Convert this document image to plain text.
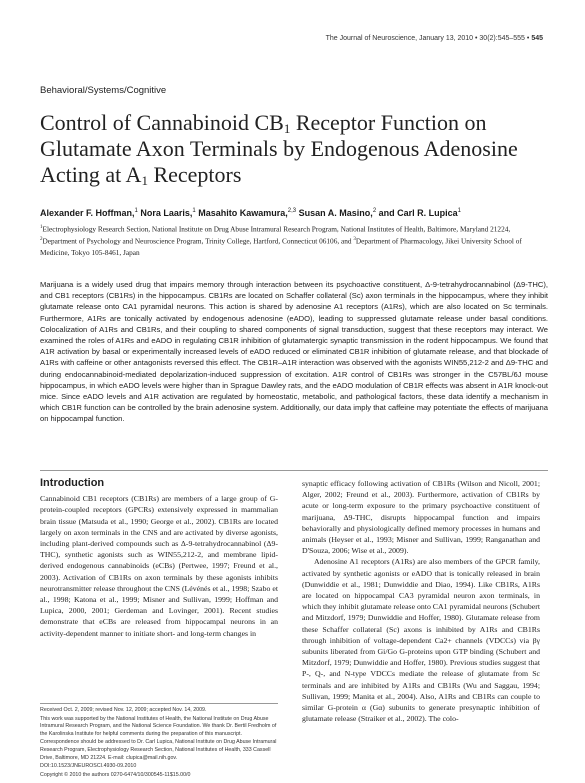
The Journal of Neuroscience, January 13, 2010 • 30(2):545–555 • 545
Behavioral/Systems/Cognitive
Control of Cannabinoid $CB_1$ Receptor Function on
Glutamate Axon Terminals by Endogenous Adenosine
Acting at $A_1$ Receptors
Alexander F. Hoffman,$^1$ Nora Laaris,$^1$ Masahito Kawamura,$^{2,3}$ Susan A. Masino,$^2$ and Carl R. Lupica$^1$
$^1$Electrophysiology Research Section, National Institute on Drug Abuse Intramural Research Program, National Institutes of Health, Baltimore, Maryland 21224, $^2$Department of Psychology and Neuroscience Program, Trinity College, Hartford, Connecticut 06106, and $^3$Department of Pharmacology, Jikei University School of Medicine, Tokyo 105-8461, Japan

Marijuana is a widely used drug that impairs memory through interaction between its psychoactive constituent, Δ-9-tetrahydrocannabinol (Δ9-THC), and CB1 receptors (CB1Rs) in the hippocampus. CB1Rs are located on Schaffer collateral (Sc) axon terminals in the hippocampus, where they inhibit glutamate release onto CA1 pyramidal neurons. This action is shared by adenosine A1 receptors (A1Rs), which are also located on Sc terminals. Furthermore, A1Rs are tonically activated by endogenous adenosine (eADO), leading to suppressed glutamate release under basal conditions. Colocalization of A1Rs and CB1Rs, and their coupling to shared components of signal transduction, suggest that these receptors may interact. We examined the roles of A1Rs and eADO in regulating CB1R inhibition of glutamatergic synaptic transmission in the rodent hippocampus. We found that A1R activation by basal or experimentally increased levels of eADO reduced or eliminated CB1R inhibition of glutamate release, and that blockade of A1Rs with caffeine or other antagonists reversed this effect. The CB1R–A1R interaction was observed with the agonists WIN55,212-2 and Δ9-THC and during endocannabinoid-mediated depolarization-induced suppression of excitation. A1R control of CB1Rs was stronger in the C57BL/6J mouse hippocampus, in which eADO levels were higher than in Sprague Dawley rats, and the eADO modulation of CB1R effects was absent in A1R knock-out mice. Since eADO levels and A1R activation are regulated by homeostatic, metabolic, and pathological factors, these data identify a mechanism in which CB1R function can be controlled by the brain adenosine system. Additionally, our data imply that caffeine may potentiate the effects of marijuana on hippocampal function.

Introduction

Cannabinoid CB1 receptors (CB1Rs) are members of a large group of G-protein-coupled receptors (GPCRs) extensively expressed in mammalian brain tissue (Matsuda et al., 1990; George et al., 2002). CB1Rs are located largely on axon terminals in the CNS and are activated by diverse agonists, including plant-derived compounds such as Δ-9-tetrahydrocannabinol (Δ9-THC), synthetic agonists such as WIN55,212-2, and membrane lipid-derived endogenous cannabinoids (eCBs) (Pertwee, 1997; Freund et al., 2003). Activation of CB1Rs on axon terminals by these agonists inhibits neurotransmitter release throughout the CNS (Lévénés et al., 1998; Szabo et al., 1998; Katona et al., 1999; Misner and Sullivan, 1999; Hoffman and Lupica, 2000, 2001; Gerdeman and Lovinger, 2001). Recent studies demonstrate that eCBs are released from hippocampal neurons in an activity-dependent manner to initiate short- and long-term changes in

synaptic efficacy following activation of CB1Rs (Wilson and Nicoll, 2001; Alger, 2002; Freund et al., 2003). Furthermore, activation of CB1Rs by acute or long-term exposure to the primary psychoactive constituent of marijuana, Δ9-THC, disrupts hippocampal function and impairs behaviorally and physiologically defined memory processes in humans and animals (Heyser et al., 1993; Misner and Sullivan, 1999; Ranganathan and D'Souza, 2006; Wise et al., 2009).

Adenosine A1 receptors (A1Rs) are also members of the GPCR family, activated by synthetic agonists or eADO that is tonically released in brain (Dunwiddie et al., 1981; Dunwiddie and Diao, 1994). Like CB1Rs, A1Rs are located on hippocampal CA3 pyramidal neuron axon terminals, in which they inhibit glutamate release onto CA1 pyramidal neurons (Schubert and Mitzdorf, 1979; Dunwiddie and Hoffer, 1980). Glutamate release from these Schaffer collateral (Sc) axons is inhibited by A1Rs and CB1Rs through inhibition of voltage-dependent Ca2+ channels (VDCCs) via βγ subunits liberated from Gi/Go G-proteins upon GTP binding (Schubert and Mitzdorf, 1979; Dunwiddie and Hoffer, 1980). Previous studies suggest that P-, Q-, and N-type VDCCs mediate the release of glutamate from Sc terminals and are inhibited by A1Rs and CB1Rs (Wu and Saggau, 1994; Sullivan, 1999; Manita et al., 2004). Also, A1Rs and CB1Rs can couple to similar G-protein α (Gα) subunits to generate presynaptic inhibition of glutamate release (Straiker et al., 2002). The colo-

Received Oct. 2, 2009; revised Nov. 12, 2009; accepted Nov. 14, 2009.
This work was supported by the National Institutes of Health, the National Institute on Drug Abuse Intramural Research Program, and the National Science Foundation. We thank Dr. Bertil Fredholm of the Karolinska Institute for helpful comments during the preparation of this manuscript.
Correspondence should be addressed to Dr. Carl Lupica, National Institute on Drug Abuse Intramural Research Program, Electrophysiology Research Section, National Institutes of Health, 333 Cassell Drive, Baltimore, MD 21224. E-mail: clupica@mail.nih.gov.
DOI:10.1523/JNEUROSCI.4930-09.2010
Copyright © 2010 the authors 0270-6474/10/300545-11$15.00/0
